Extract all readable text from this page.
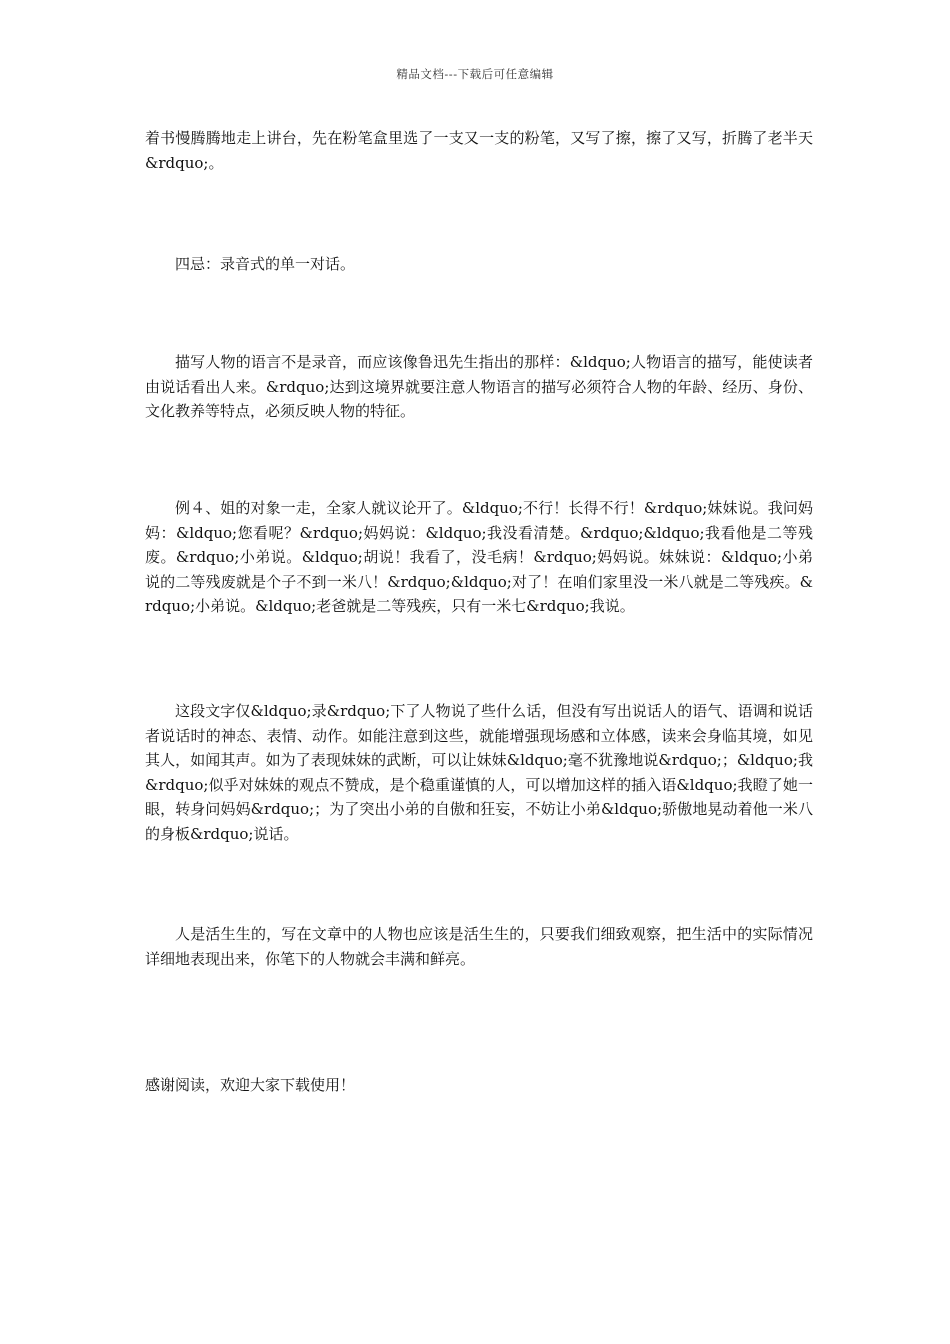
精品文档---下载后可任意编辑

着书慢腾腾地走上讲台，先在粉笔盒里选了一支又一支的粉笔，又写了擦，擦了又写，折腾了老半天&rdquo;。

四忌：录音式的单一对话。

描写人物的语言不是录音，而应该像鲁迅先生指出的那样：&ldquo;人物语言的描写，能使读者由说话看出人来。&rdquo;达到这境界就要注意人物语言的描写必须符合人物的年龄、经历、身份、文化教养等特点，必须反映人物的特征。

例４、姐的对象一走，全家人就议论开了。&ldquo;不行！长得不行！&rdquo;妹妹说。我问妈妈：&ldquo;您看呢？&rdquo;妈妈说：&ldquo;我没看清楚。&rdquo;&ldquo;我看他是二等残废。&rdquo;小弟说。&ldquo;胡说！我看了，没毛病！&rdquo;妈妈说。妹妹说：&ldquo;小弟说的二等残废就是个子不到一米八！&rdquo;&ldquo;对了！在咱们家里没一米八就是二等残疾。&rdquo;小弟说。&ldquo;老爸就是二等残疾，只有一米七&rdquo;我说。

这段文字仅&ldquo;录&rdquo;下了人物说了些什么话，但没有写出说话人的语气、语调和说话者说话时的神态、表情、动作。如能注意到这些，就能增强现场感和立体感，读来会身临其境，如见其人，如闻其声。如为了表现妹妹的武断，可以让妹妹&ldquo;毫不犹豫地说&rdquo;；&ldquo;我&rdquo;似乎对妹妹的观点不赞成，是个稳重谨慎的人，可以增加这样的插入语&ldquo;我瞪了她一眼，转身问妈妈&rdquo;；为了突出小弟的自傲和狂妄，不妨让小弟&ldquo;骄傲地晃动着他一米八的身板&rdquo;说话。

人是活生生的，写在文章中的人物也应该是活生生的，只要我们细致观察，把生活中的实际情况详细地表现出来，你笔下的人物就会丰满和鲜亮。

感谢阅读，欢迎大家下载使用！
